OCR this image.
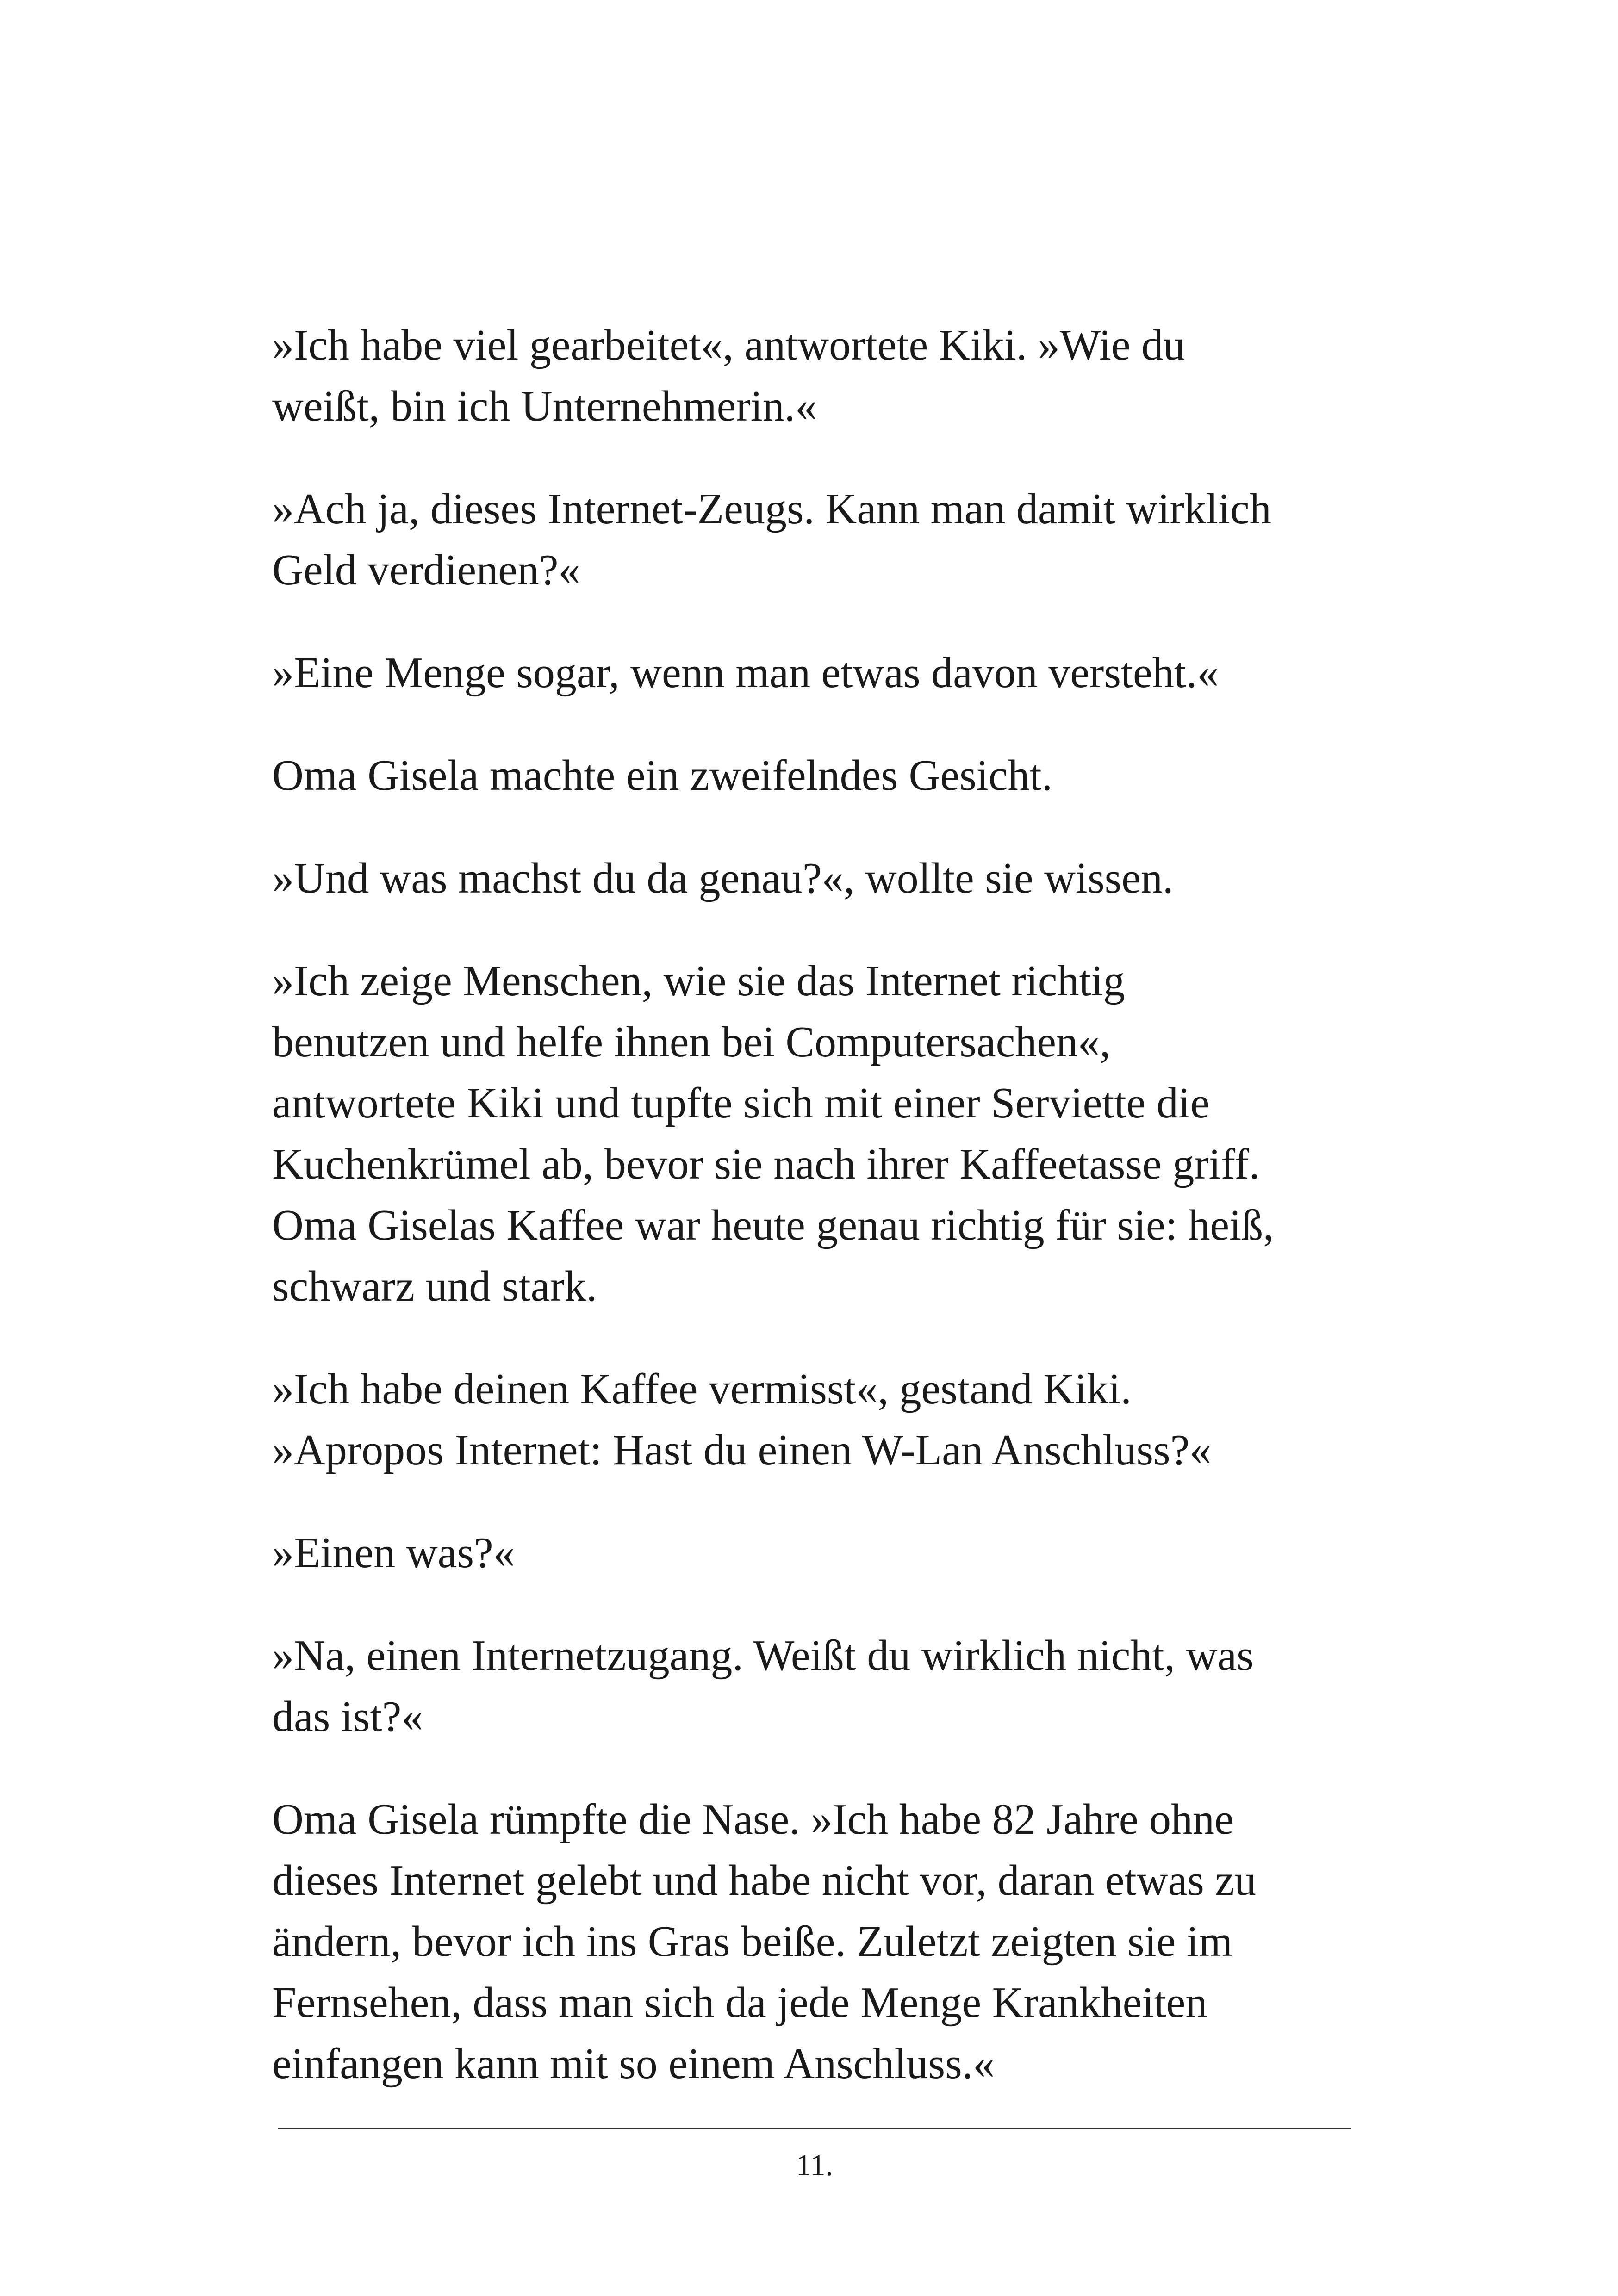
»Ich habe viel gearbeitet«, antwortete Kiki. »Wie du
weißt, bin ich Unternehmerin.«

»Ach ja, dieses Internet-Zeugs. Kann man damit wirklich
Geld verdienen?«

»Eine Menge sogar, wenn man etwas davon versteht.«

Oma Gisela machte ein zweifelndes Gesicht.

»Und was machst du da genau?«, wollte sie wissen.

»Ich zeige Menschen, wie sie das Internet richtig
benutzen und helfe ihnen bei Computersachen«,
antwortete Kiki und tupfte sich mit einer Serviette die
Kuchenkrümel ab, bevor sie nach ihrer Kaffeetasse griff.
Oma Giselas Kaffee war heute genau richtig für sie: heiß,
schwarz und stark.

»Ich habe deinen Kaffee vermisst«, gestand Kiki.
»Apropos Internet: Hast du einen W-Lan Anschluss?«

»Einen was?«

»Na, einen Internetzugang. Weißt du wirklich nicht, was
das ist?«

Oma Gisela rümpfte die Nase. »Ich habe 82 Jahre ohne
dieses Internet gelebt und habe nicht vor, daran etwas zu
ändern, bevor ich ins Gras beiße. Zuletzt zeigten sie im
Fernsehen, dass man sich da jede Menge Krankheiten
einfangen kann mit so einem Anschluss.«

11.
